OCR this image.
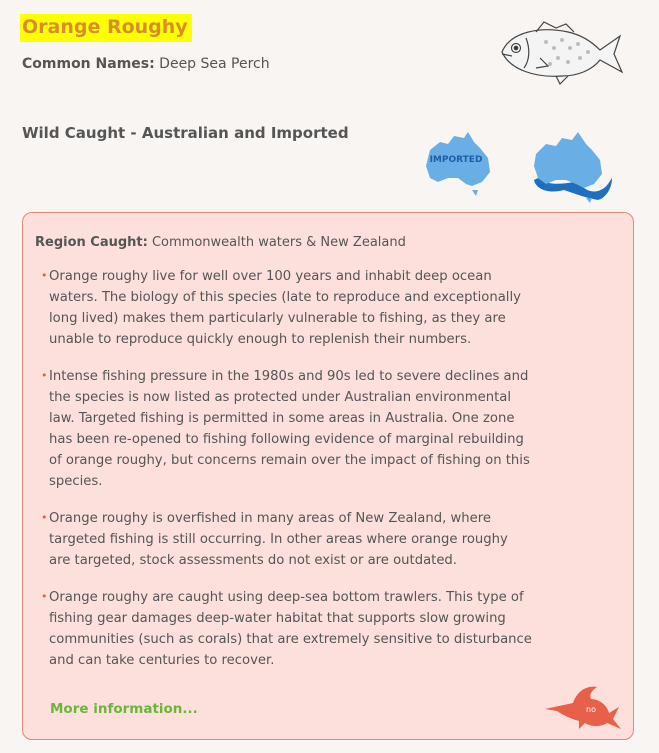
Orange Roughy
Common Names: Deep Sea Perch
Wild Caught - Australian and Imported
IMPORTED
Region Caught: Commonwealth waters & New Zealand
• Orange roughy live for well over 100 years and inhabit deep ocean waters. The biology of this species (late to reproduce and exceptionally long lived) makes them particularly vulnerable to fishing, as they are unable to reproduce quickly enough to replenish their numbers.
• Intense fishing pressure in the 1980s and 90s led to severe declines and the species is now listed as protected under Australian environmental law. Targeted fishing is permitted in some areas in Australia. One zone has been re-opened to fishing following evidence of marginal rebuilding of orange roughy, but concerns remain over the impact of fishing on this species.
• Orange roughy is overfished in many areas of New Zealand, where targeted fishing is still occurring. In other areas where orange roughy are targeted, stock assessments do not exist or are outdated.
• Orange roughy are caught using deep-sea bottom trawlers. This type of fishing gear damages deep-water habitat that supports slow growing communities (such as corals) that are extremely sensitive to disturbance and can take centuries to recover.
More information...	no
